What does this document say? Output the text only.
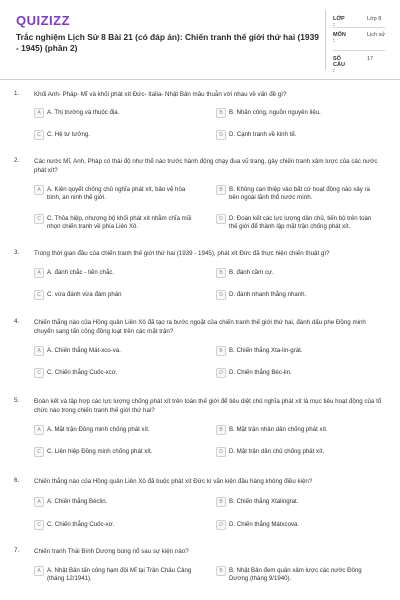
QUIZIZZ
Trắc nghiệm Lịch Sử 8 Bài 21 (có đáp án): Chiến tranh thế giới thứ hai (1939 - 1945) (phần 2)
LỚP :
Lớp 8
MÔN :
Lịch sử
SỐ CÂU :
17
1. Khối Anh- Pháp- Mĩ và khối phát xít Đức- Italia- Nhật Bản mâu thuẫn với nhau về vấn đề gì?
A	A. Thị trường và thuộc địa.	B	B. Nhân công, nguồn nguyên liệu.
C	C. Hệ tư tưởng.	D	D. Cạnh tranh về kinh tế.
2. Các nước Mĩ, Anh, Pháp có thái độ như thế nào trước hành động chạy đua vũ trang, gây chiến tranh xâm lược của các nước phát xít?
A	A. Kiên quyết chống chủ nghĩa phát xít, bảo vệ hòa bình, an ninh thế giới.
B	B. Không can thiệp vào bất cứ hoạt động nào xảy ra bên ngoài lãnh thổ nước mình.
C	C. Thỏa hiệp, nhượng bộ khối phát xít nhằm chĩa mũi nhọn chiến tranh về phía Liên Xô.
D	D. Đoàn kết các lực lượng dân chủ, tiến bộ trên toàn thế giới để thành lập mặt trận chống phát xít.
3. Trong thời gian đầu của chiến tranh thế giới thứ hai (1939 - 1945), phát xít Đức đã thực hiện chiến thuật gì?
A	A. đánh chắc - tiến chắc.	B	B. đánh cầm cự.
C	C. vừa đánh vừa đàm phán	D	D. đánh nhanh thắng nhanh.
4. Chiến thắng nào của Hồng quân Liên Xô đã tạo ra bước ngoặt của chiến tranh thế giới thứ hai, đánh dấu phe Đồng minh chuyển sang tấn công đồng loạt trên các mặt trận?
A	A. Chiến thắng Mát-xco-va.	B	B. Chiến thắng Xta-lin-grát.
C	C. Chiến thắng Cuốc-xcơ.	D	D. Chiến thắng Béc-lin.
5. Đoàn kết và tập hợp các lực lượng chống phát xít trên toàn thế giới để tiêu diệt chủ nghĩa phát xít là mục tiêu hoạt động của tổ chức nào trong chiến tranh thế giới thứ hai?
A	A. Mặt trận Đồng minh chống phát xít.	B	B. Mặt trận nhân dân chống phát xít.
C	C. Liên hiệp Đồng minh chống phát xít.	D	D. Mặt trận dân chủ chống phát xít.
6. Chiến thắng nào của Hồng quân Liên Xô đã buộc phát xít Đức kí văn kiện đầu hàng không điều kiện?
A	A. Chiến thắng Béclin.	B	B. Chiến thắng Xtalingrat.
C	C. Chiến thắng Cuốc-xơ.	D	D. Chiến thắng Mátxcova.
7. Chiến tranh Thái Bình Dương bùng nổ sau sự kiện nào?
A	A. Nhật Bản tấn công hạm đội Mĩ tại Trân Châu Cảng (tháng 12/1941).
B	B. Nhật Bản đem quân xâm lược các nước Đông Dương (tháng 9/1940).
